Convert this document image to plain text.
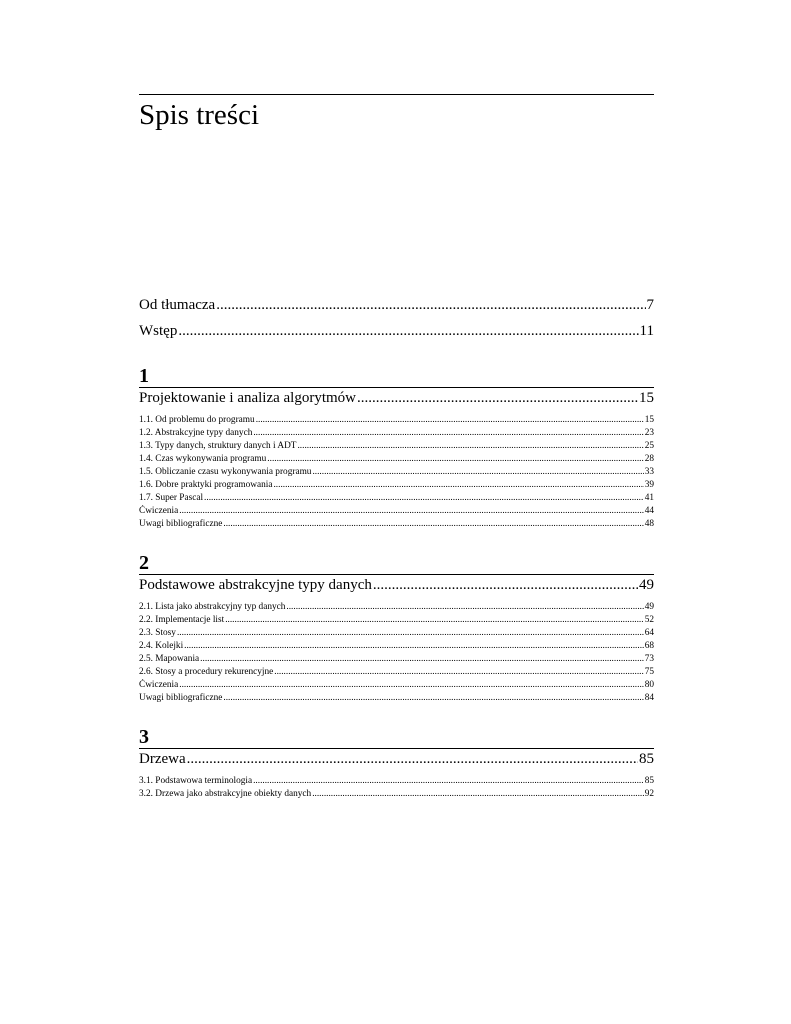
Spis treści
Od tłumacza .....	7
Wstęp .....	11
1
Projektowanie i analiza algorytmów .....	15
1.1. Od problemu do programu .....	15
1.2. Abstrakcyjne typy danych .....	23
1.3. Typy danych, struktury danych i ADT .....	25
1.4. Czas wykonywania programu .....	28
1.5. Obliczanie czasu wykonywania programu .....	33
1.6. Dobre praktyki programowania .....	39
1.7. Super Pascal .....	41
Ćwiczenia .....	44
Uwagi bibliograficzne .....	48
2
Podstawowe abstrakcyjne typy danych .....	49
2.1. Lista jako abstrakcyjny typ danych .....	49
2.2. Implementacje list .....	52
2.3. Stosy .....	64
2.4. Kolejki .....	68
2.5. Mapowania .....	73
2.6. Stosy a procedury rekurencyjne .....	75
Ćwiczenia .....	80
Uwagi bibliograficzne .....	84
3
Drzewa .....	85
3.1. Podstawowa terminologia .....	85
3.2. Drzewa jako abstrakcyjne obiekty danych .....	92
